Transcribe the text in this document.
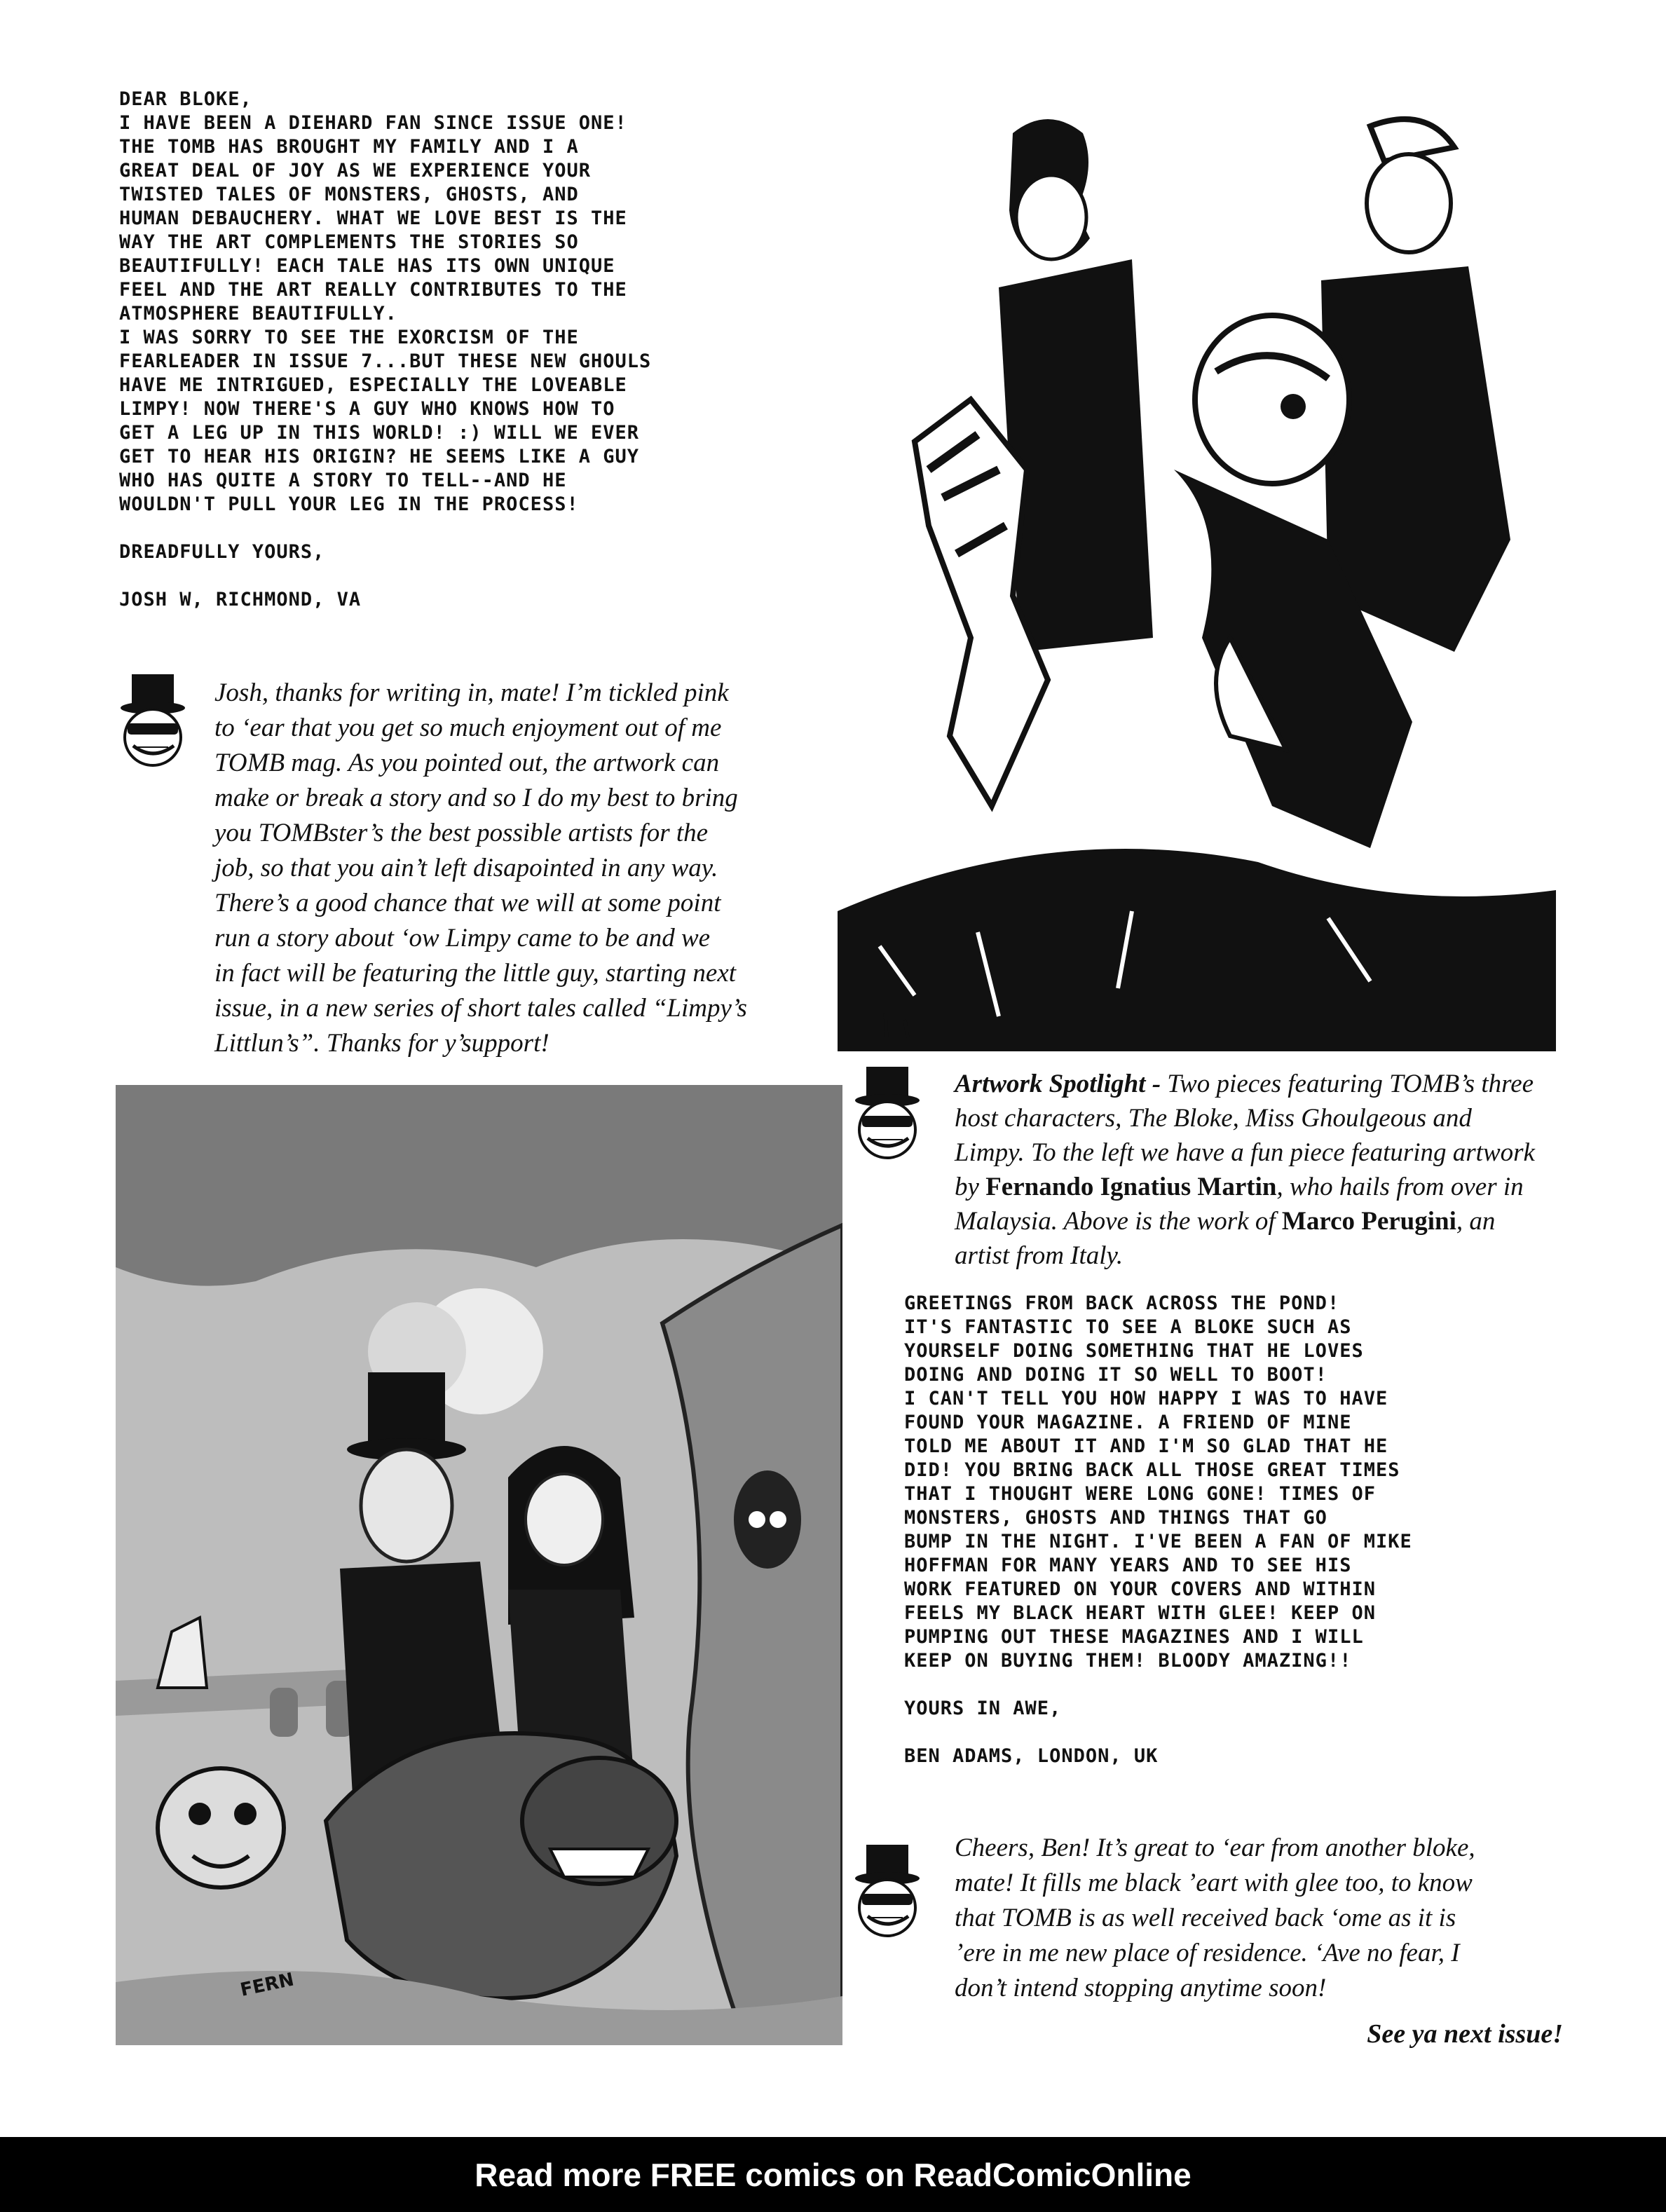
DEAR BLOKE,
I HAVE BEEN A DIEHARD FAN SINCE ISSUE ONE!
THE TOMB HAS BROUGHT MY FAMILY AND I A
GREAT DEAL OF JOY AS WE EXPERIENCE YOUR
TWISTED TALES OF MONSTERS, GHOSTS, AND
HUMAN DEBAUCHERY. WHAT WE LOVE BEST IS THE
WAY THE ART COMPLEMENTS THE STORIES SO
BEAUTIFULLY! EACH TALE HAS ITS OWN UNIQUE
FEEL AND THE ART REALLY CONTRIBUTES TO THE
ATMOSPHERE BEAUTIFULLY.
I WAS SORRY TO SEE THE EXORCISM OF THE
FEARLEADER IN ISSUE 7...BUT THESE NEW GHOULS
HAVE ME INTRIGUED, ESPECIALLY THE LOVEABLE
LIMPY! NOW THERE'S A GUY WHO KNOWS HOW TO
GET A LEG UP IN THIS WORLD! :) WILL WE EVER
GET TO HEAR HIS ORIGIN? HE SEEMS LIKE A GUY
WHO HAS QUITE A STORY TO TELL--AND HE
WOULDN'T PULL YOUR LEG IN THE PROCESS!
DREADFULLY YOURS,
JOSH W, RICHMOND, VA
Josh, thanks for writing in, mate! I’m tickled pink
to ‘ear that you get so much enjoyment out of me
TOMB mag. As you pointed out, the artwork can
make or break a story and so I do my best to bring
you TOMBster’s the best possible artists for the
job, so that you ain’t left disapointed in any way.
There’s a good chance that we will at some point
run a story about ‘ow Limpy came to be and we
in fact will be featuring the little guy, starting next
issue, in a new series of short tales called “Limpy’s
Littlun’s”. Thanks for y’support!
FERN
Artwork Spotlight - Two pieces featuring TOMB’s three host characters, The Bloke, Miss Ghoulgeous and Limpy. To the left we have a fun piece featuring artwork by Fernando Ignatius Martin, who hails from over in Malaysia. Above is the work of Marco Perugini, an artist from Italy.
GREETINGS FROM BACK ACROSS THE POND!
IT'S FANTASTIC TO SEE A BLOKE SUCH AS
YOURSELF DOING SOMETHING THAT HE LOVES
DOING AND DOING IT SO WELL TO BOOT!
I CAN'T TELL YOU HOW HAPPY I WAS TO HAVE
FOUND YOUR MAGAZINE. A FRIEND OF MINE
TOLD ME ABOUT IT AND I'M SO GLAD THAT HE
DID! YOU BRING BACK ALL THOSE GREAT TIMES
THAT I THOUGHT WERE LONG GONE! TIMES OF
MONSTERS, GHOSTS AND THINGS THAT GO
BUMP IN THE NIGHT. I'VE BEEN A FAN OF MIKE
HOFFMAN FOR MANY YEARS AND TO SEE HIS
WORK FEATURED ON YOUR COVERS AND WITHIN
FEELS MY BLACK HEART WITH GLEE! KEEP ON
PUMPING OUT THESE MAGAZINES AND I WILL
KEEP ON BUYING THEM! BLOODY AMAZING!!
YOURS IN AWE,
BEN ADAMS, LONDON, UK
Cheers, Ben! It’s great to ‘ear from another bloke,
mate! It fills me black ’eart with glee too, to know
that TOMB is as well received back ‘ome as it is
’ere in me new place of residence. ‘Ave no fear, I
don’t intend stopping anytime soon!
See ya next issue!
Read more FREE comics on ReadComicOnline
